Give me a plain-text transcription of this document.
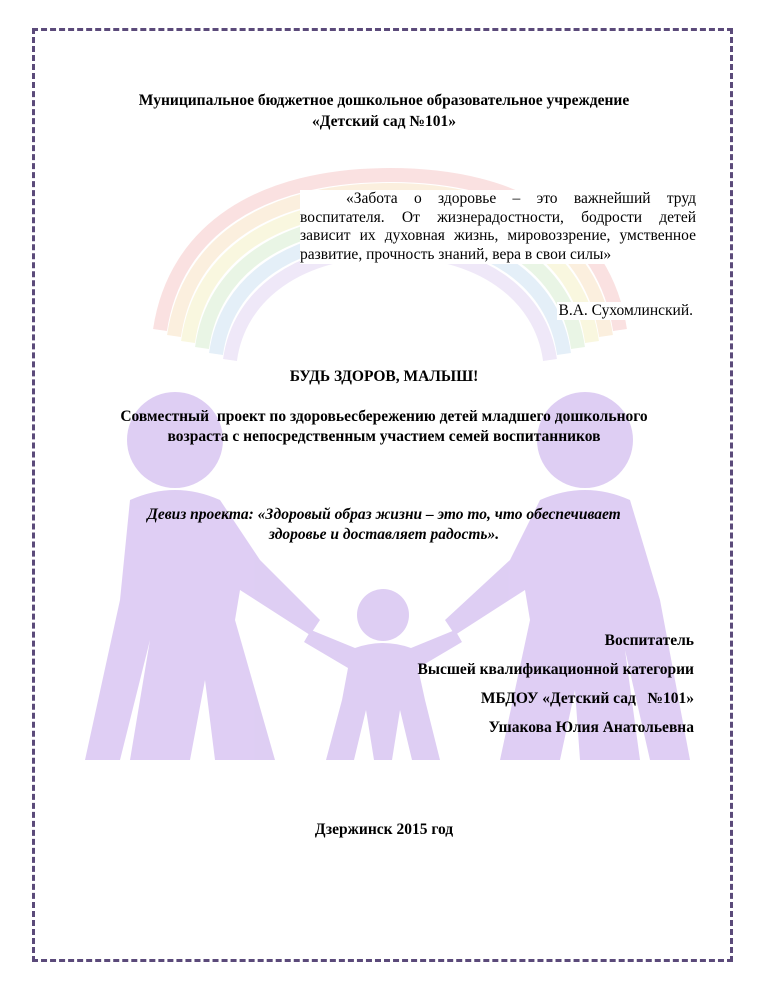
Муниципальное бюджетное дошкольное образовательное учреждение
«Детский сад №101»

«Забота о здоровье – это важнейший труд воспитателя. От жизнерадостности, бодрости детей зависит их духовная жизнь, мировоззрение, умственное развитие, прочность знаний, вера в свои силы»

В.А. Сухомлинский.
БУДЬ ЗДОРОВ, МАЛЫШ!
Совместный  проект по здоровьесбережению детей младшего дошкольного
возраста с непосредственным участием семей воспитанников
Девиз проекта: «Здоровый образ жизни – это то, что обеспечивает
здоровье и доставляет радость».
Воспитатель
Высшей квалификационной категории
МБДОУ «Детский сад   №101»
Ушакова Юлия Анатольевна
Дзержинск 2015 год
